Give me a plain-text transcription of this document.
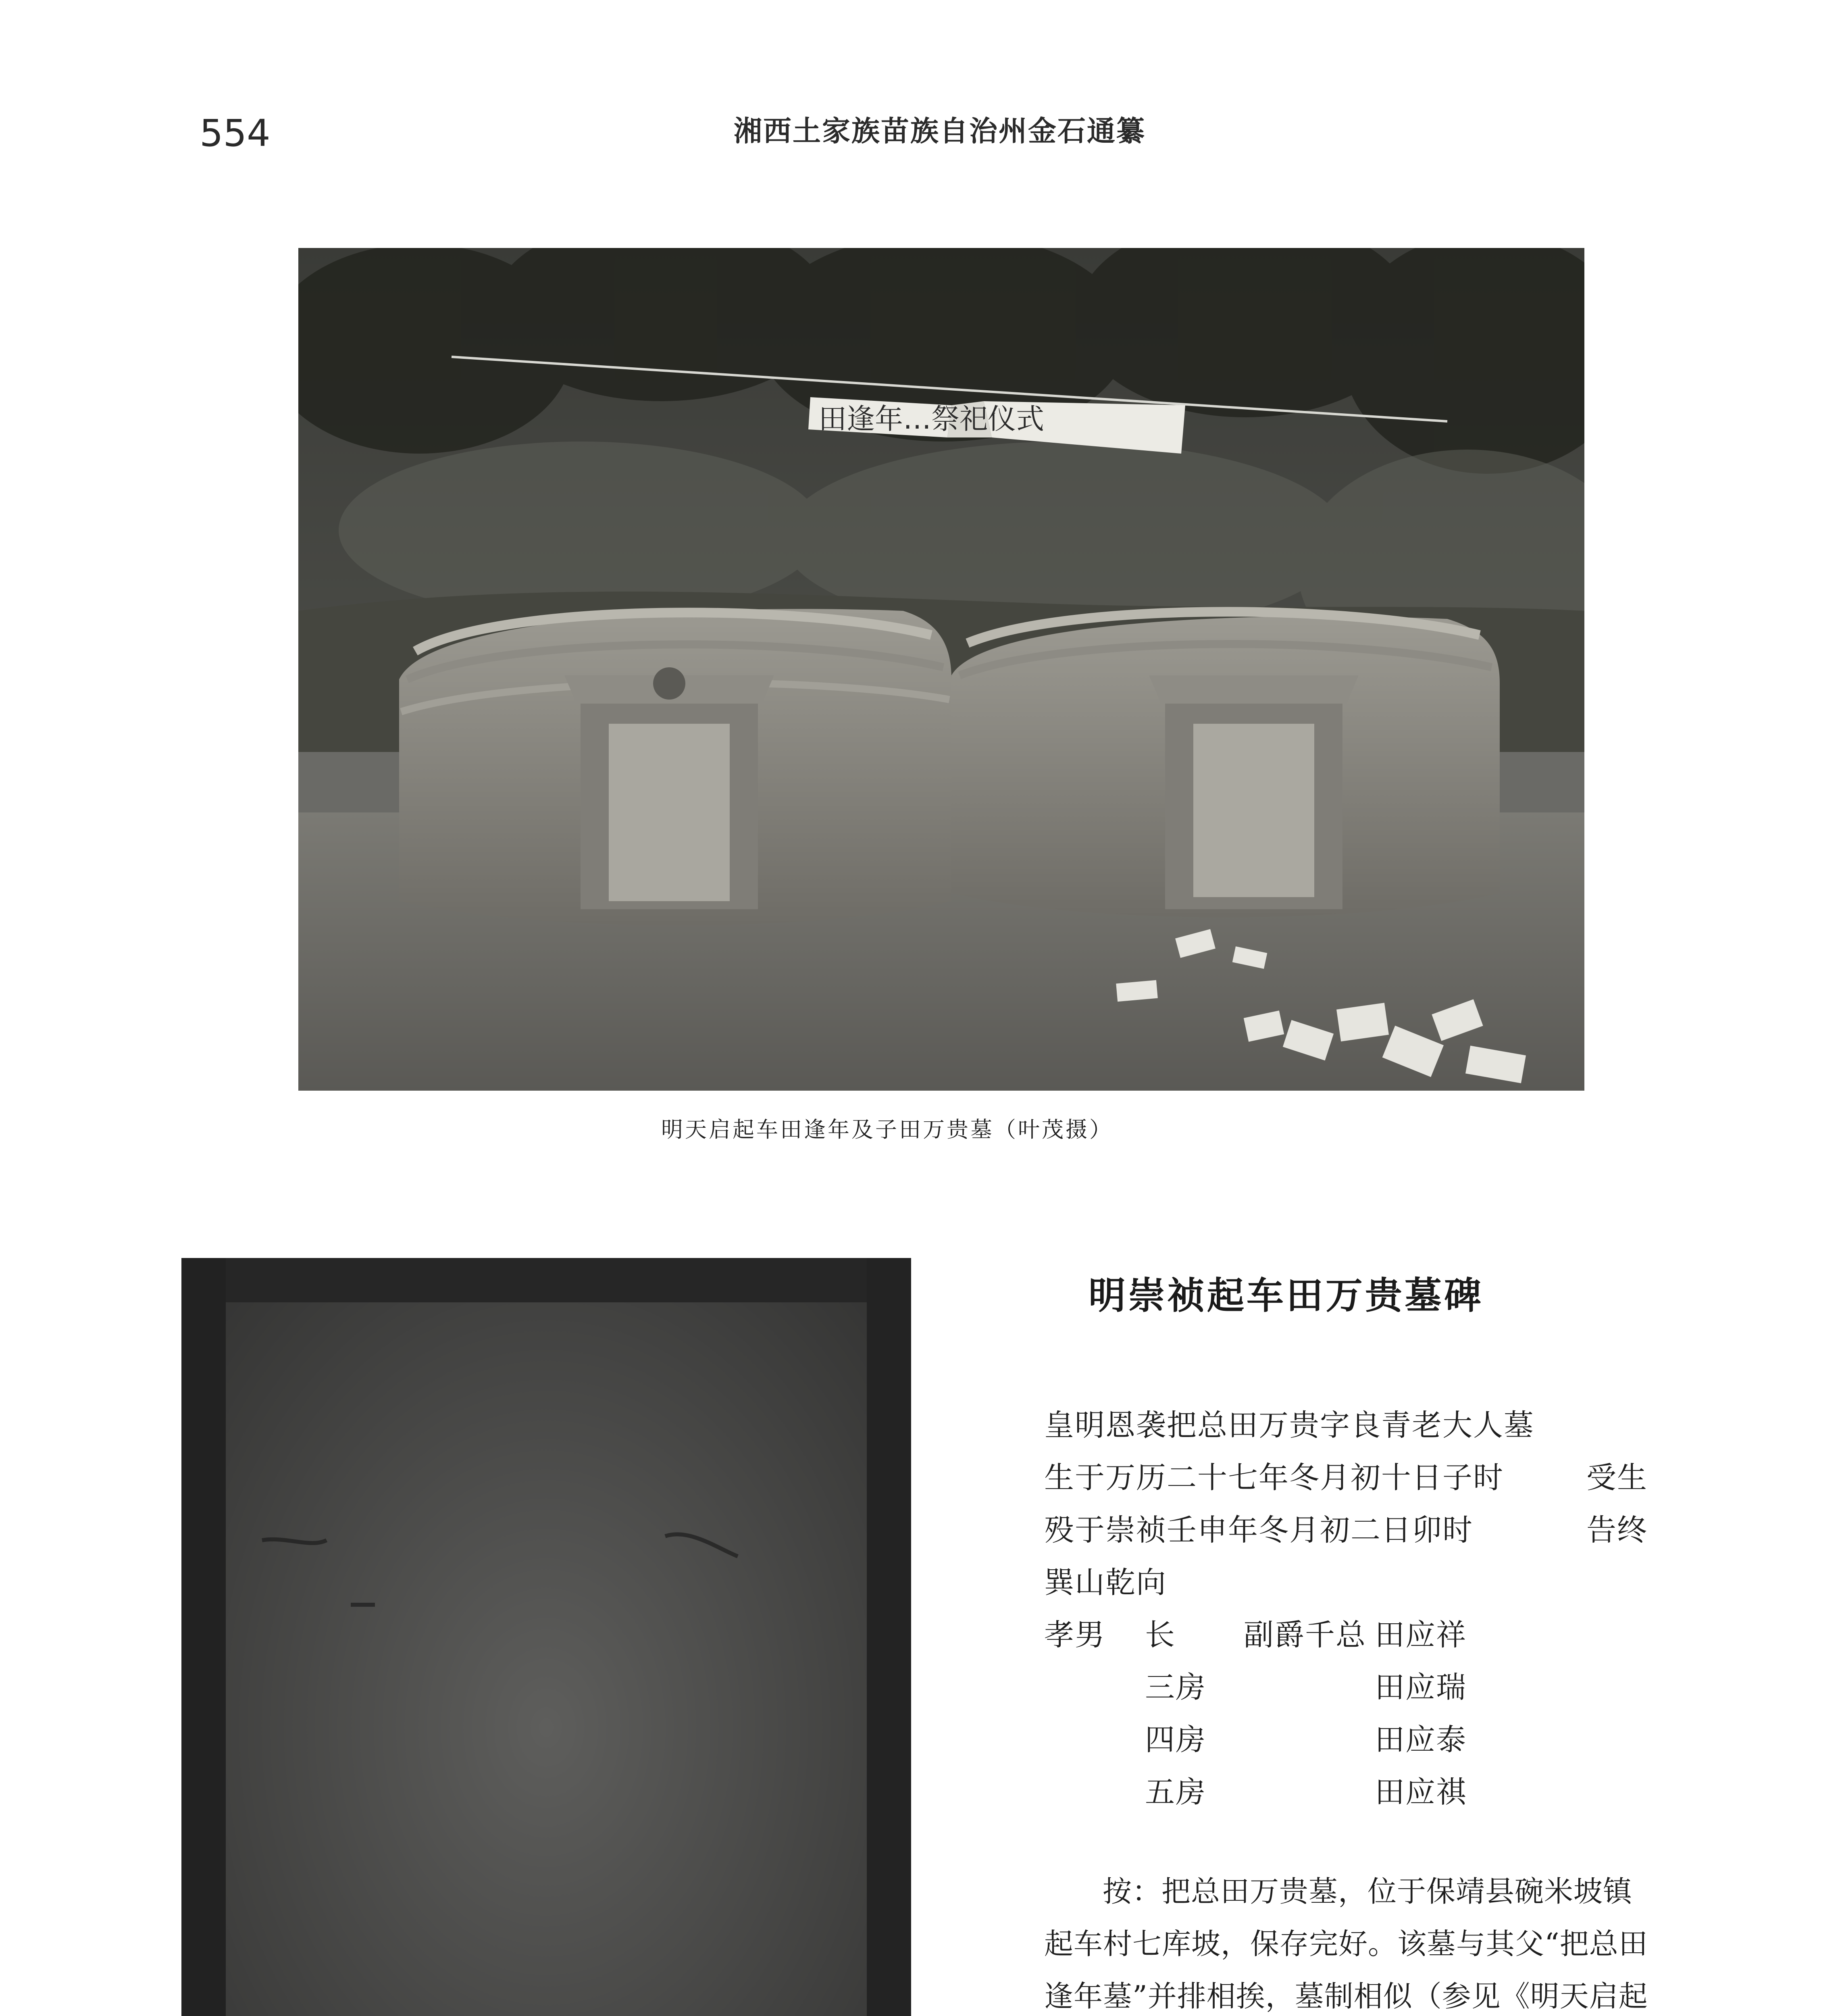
554	湘西土家族苗族自治州金石通纂
田逢年…祭祀仪式
明天启起车田逢年及子田万贵墓（叶茂摄）
明崇祯起车田万贵墓碑
皇明恩袭把总田万贵字良青老大人墓
生于万历二十七年冬月初十日子时	受生
殁于崇祯壬申年冬月初二日卯时	告终
巽山乾向
孝男 长 副爵千总 田应祥
三房	田应瑞
四房	田应泰
五房	田应祺
按：把总田万贵墓，位于保靖县碗米坡镇
起车村七库坡，保存完好。该墓与其父“把总田
逢年墓”并排相挨，墓制相似（参见《明天启起
